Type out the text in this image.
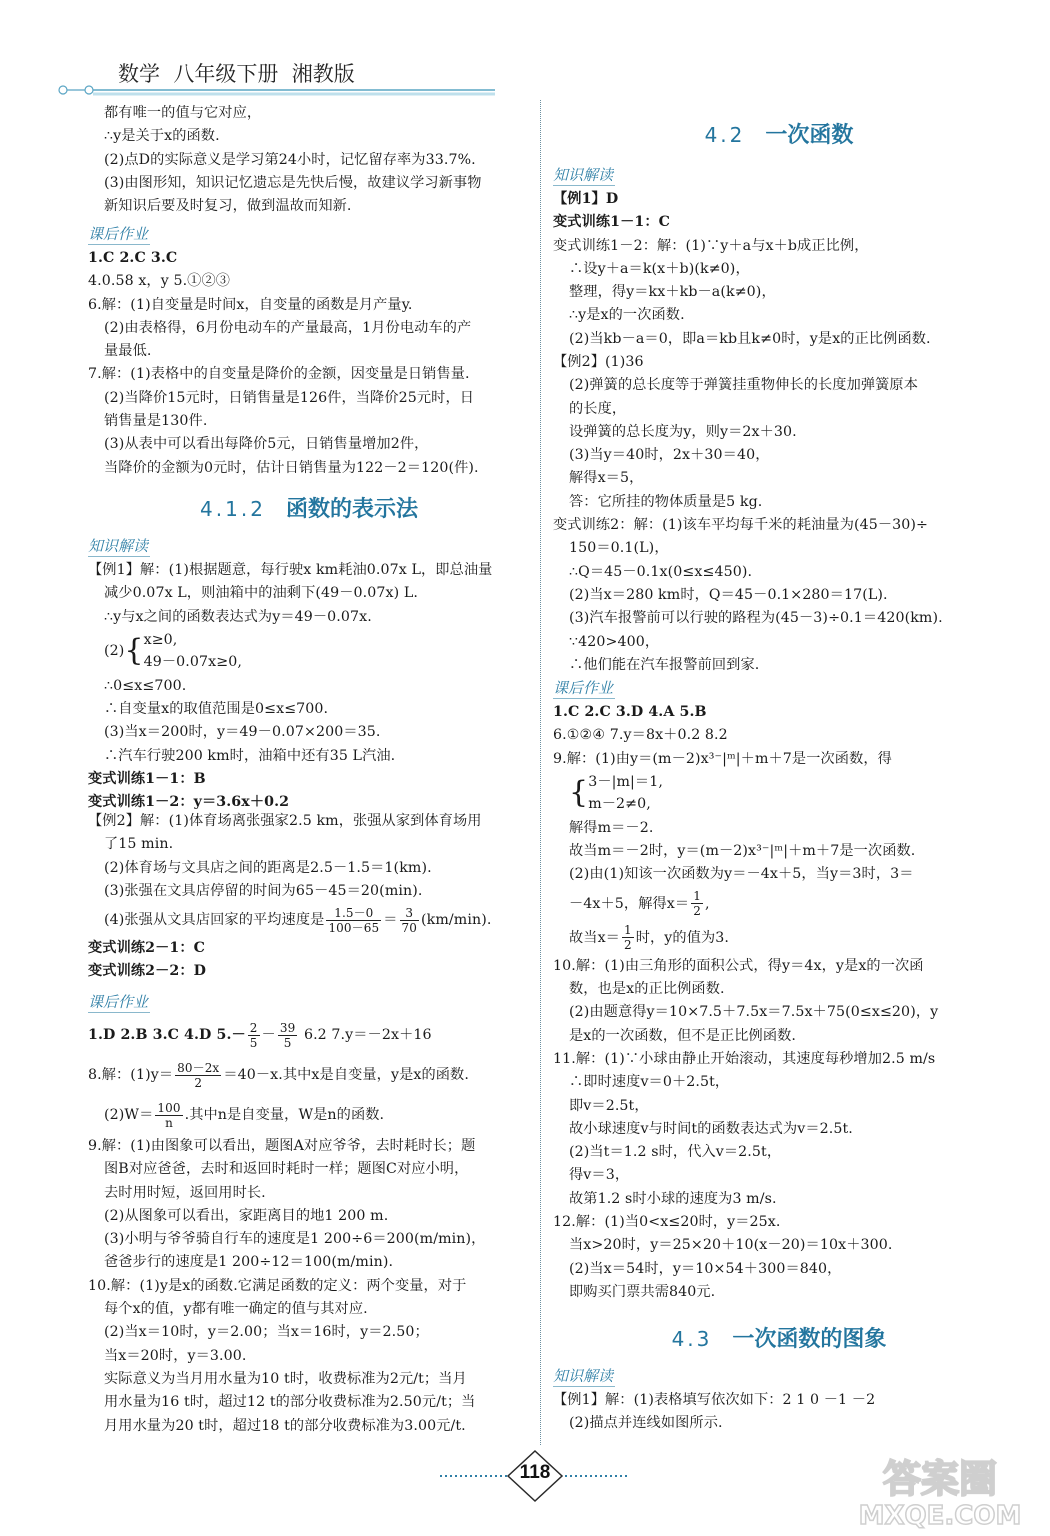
数学  八年级下册  湘教版
都有唯一的值与它对应，
∴y是关于x的函数.
(2)点D的实际意义是学习第24小时，记忆留存率为33.7%.
(3)由图形知，知识记忆遗忘是先快后慢，故建议学习新事物
新知识后要及时复习，做到温故而知新.
课后作业
1.C 2.C 3.C
4.0.58 x，y 5.①②③
6.解：(1)自变量是时间x，自变量的函数是月产量y.
(2)由表格得，6月份电动车的产量最高，1月份电动车的产
量最低.
7.解：(1)表格中的自变量是降价的金额，因变量是日销售量.
(2)当降价15元时，日销售量是126件，当降价25元时，日
销售量是130件.
(3)从表中可以看出每降价5元，日销售量增加2件，
当降价的金额为0元时，估计日销售量为122－2＝120(件).
4.1.2 函数的表示法
知识解读
【例1】解：(1)根据题意，每行驶x km耗油0.07x L，即总油量
减少0.07x L，则油箱中的油剩下(49－0.07x) L.
∴y与x之间的函数表达式为y＝49－0.07x.
(2){ x≥0,
49－0.07x≥0,
∴0≤x≤700.
∴自变量x的取值范围是0≤x≤700.
(3)当x＝200时，y＝49－0.07×200＝35.
∴汽车行驶200 km时，油箱中还有35 L汽油.
变式训练1－1：B
变式训练1－2：y＝3.6x＋0.2
【例2】解：(1)体育场离张强家2.5 km，张强从家到体育场用
了15 min.
(2)体育场与文具店之间的距离是2.5－1.5＝1(km).
(3)张强在文具店停留的时间为65－45＝20(min).
(4)张强从文具店回家的平均速度是 $\frac{1.5-0}{100-65} = \frac{3}{70} (km/\min)$.
变式训练2－1：C
变式训练2－2：D
课后作业
1.D 2.B 3.C 4.D $5.- \frac{2}{5} - \frac{39}{5} 6.2$ 7.y＝－2x＋16
8.解：$(1)y= \frac{80-2x}{2} =40-x$.其中x是自变量，y是x的函数.
$(2)W= \frac{100}{n}$ .其中n是自变量，W是n的函数.
9.解：(1)由图象可以看出，题图A对应爷爷，去时耗时长；题
图B对应爸爸，去时和返回时耗时一样；题图C对应小明，
去时用时短，返回用时长.
(2)从图象可以看出，家距离目的地1 200 m.
(3)小明与爷爷骑自行车的速度是1 200÷6＝200(m/min)，
爸爸步行的速度是1 200÷12＝100(m/min).
10.解：(1)y是x的函数.它满足函数的定义：两个变量，对于
每个x的值，y都有唯一确定的值与其对应.
(2)当x＝10时，y＝2.00；当x＝16时，y＝2.50；
当x＝20时，y＝3.00.
实际意义为当月用水量为10 t时，收费标准为2元/t；当月
用水量为16 t时，超过12 t的部分收费标准为2.50元/t；当
月用水量为20 t时，超过18 t的部分收费标准为3.00元/t.
4.2 一次函数
知识解读
【例1】D
变式训练1－1：C
变式训练1－2：解：(1)∵y＋a与x＋b成正比例，
∴设y＋a＝k(x＋b)(k≠0)，
整理，得y＝kx＋kb－a(k≠0)，
∴y是x的一次函数.
(2)当kb－a＝0，即a＝kb且k≠0时，y是x的正比例函数.
【例2】(1)36
(2)弹簧的总长度等于弹簧挂重物伸长的长度加弹簧原本
的长度，
设弹簧的总长度为y，则y＝2x＋30.
(3)当y＝40时，2x＋30＝40，
解得x＝5，
答：它所挂的物体质量是5 kg.
变式训练2：解：(1)该车平均每千米的耗油量为(45－30)÷
150＝0.1(L)，
∴Q＝45－0.1x(0≤x≤450).
(2)当x＝280 km时，Q＝45－0.1×280＝17(L).
(3)汽车报警前可以行驶的路程为(45－3)÷0.1＝420(km).
∵420>400，
∴他们能在汽车报警前回到家.
课后作业
1.C 2.C 3.D 4.A 5.B
6.①②④ 7.y＝8x＋0.2 8.2
9.解：(1)由y＝(m－2)x³⁻|ᵐ|＋m＋7是一次函数，得
{ 3－|m|＝1,
m－2≠0,
解得m＝－2.
故当m＝－2时，y＝(m－2)x³⁻|ᵐ|＋m＋7是一次函数.
(2)由(1)知该一次函数为y＝－4x＋5，当y＝3时，3＝
－4x＋5，解得$x= \frac{1}{2}$ ,
故当$x= \frac{1}{2}$ 时，y的值为3.
10.解：(1)由三角形的面积公式，得y＝4x，y是x的一次函
数，也是x的正比例函数.
(2)由题意得y＝10×7.5＋7.5x＝7.5x＋75(0≤x≤20)，y
是x的一次函数，但不是正比例函数.
11.解：(1)∵小球由静止开始滚动，其速度每秒增加2.5 m/s
∴即时速度v＝0＋2.5t，
即v＝2.5t，
故小球速度v与时间t的函数表达式为v＝2.5t.
(2)当t＝1.2 s时，代入v＝2.5t，
得v＝3，
故第1.2 s时小球的速度为3 m/s.
12.解：(1)当0<x≤20时，y＝25x.
当x>20时，y＝25×20＋10(x－20)＝10x＋300.
(2)当x＝54时，y＝10×54＋300＝840，
即购买门票共需840元.
4.3 一次函数的图象
知识解读
【例1】解：(1)表格填写依次如下：2 1 0 －1 －2
(2)描点并连线如图所示.
118	答案圈
MXQE.COM
